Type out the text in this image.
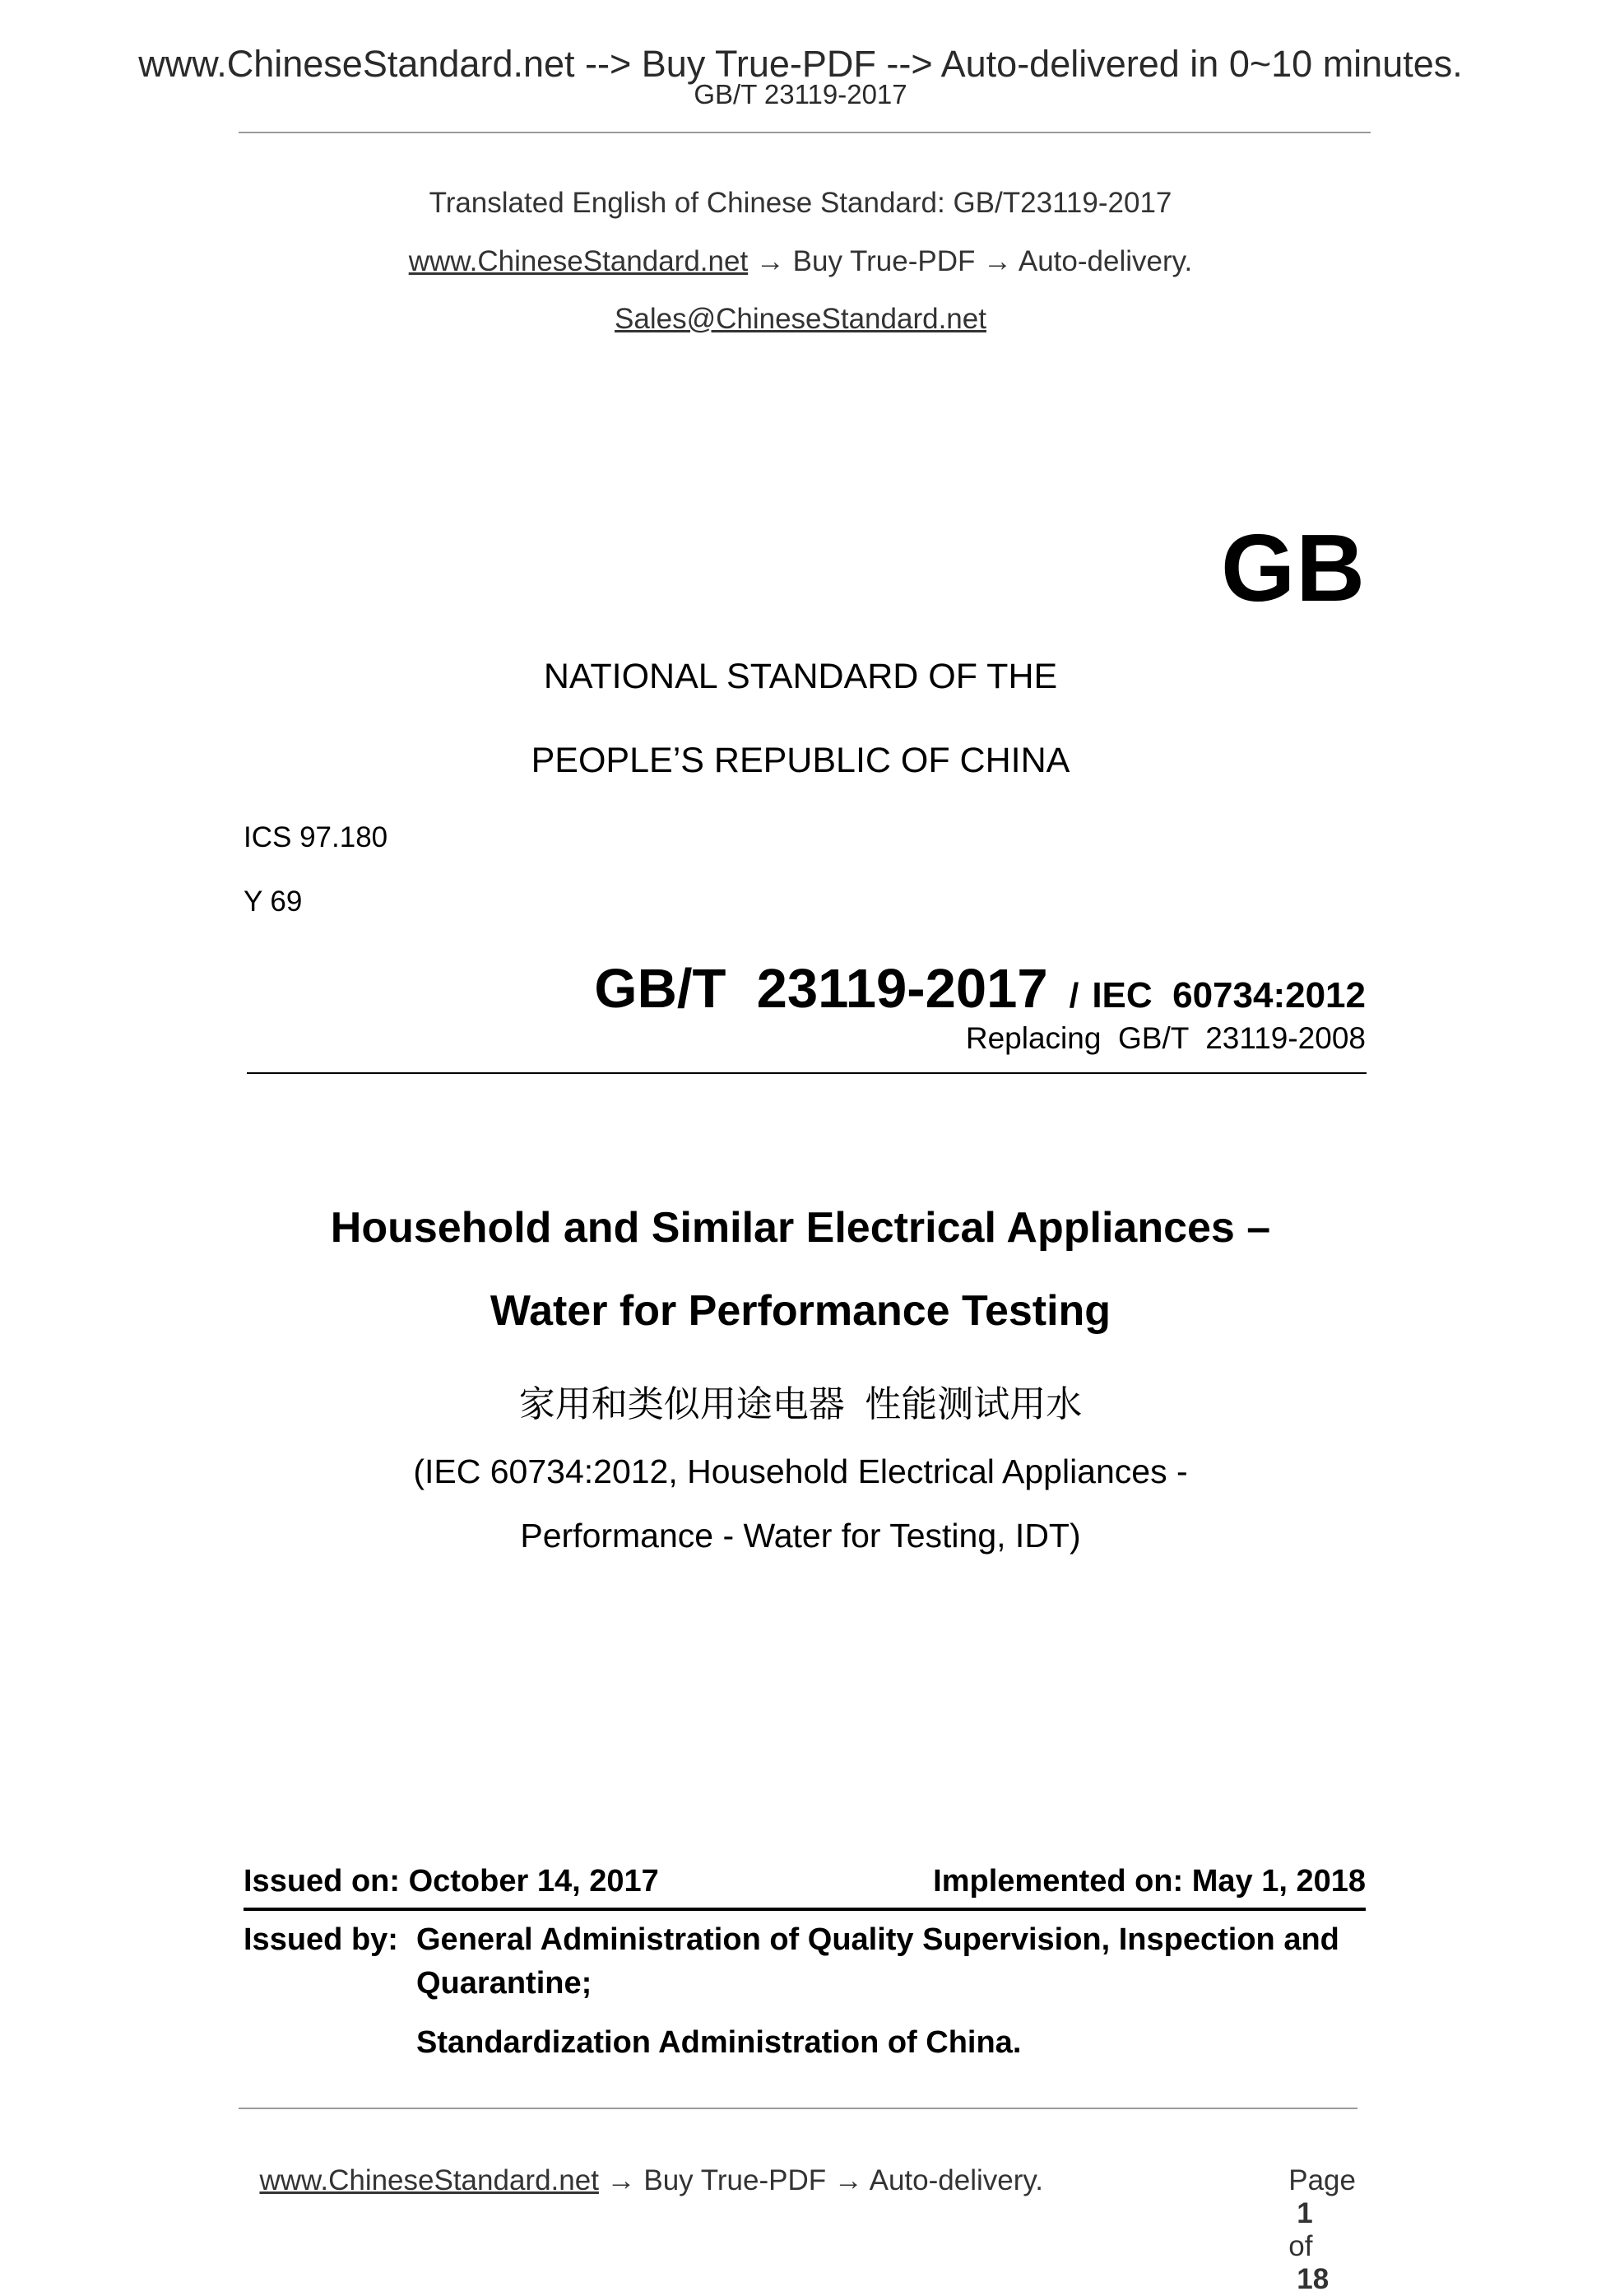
www.ChineseStandard.net --> Buy True-PDF --> Auto-delivered in 0~10 minutes.
GB/T 23119-2017
Translated English of Chinese Standard: GB/T23119-2017
www.ChineseStandard.net → Buy True-PDF → Auto-delivery.
Sales@ChineseStandard.net
GB
NATIONAL STANDARD OF THE
PEOPLE’S REPUBLIC OF CHINA
ICS 97.180
Y 69

GB/T  23119-2017 / IEC  60734:2012

Replacing  GB/T  23119-2008
Household and Similar Electrical Appliances –
Water for Performance Testing
家用和类似用途电器  性能测试用水
(IEC 60734:2012, Household Electrical Appliances -
Performance - Water for Testing, IDT)
Issued on: October 14, 2017	Implemented on: May 1, 2018
Issued by: General Administration of Quality Supervision, Inspection and
Quarantine;
Standardization Administration of China.

www.ChineseStandard.net → Buy True-PDF → Auto-delivery.	Page
1
of
18
